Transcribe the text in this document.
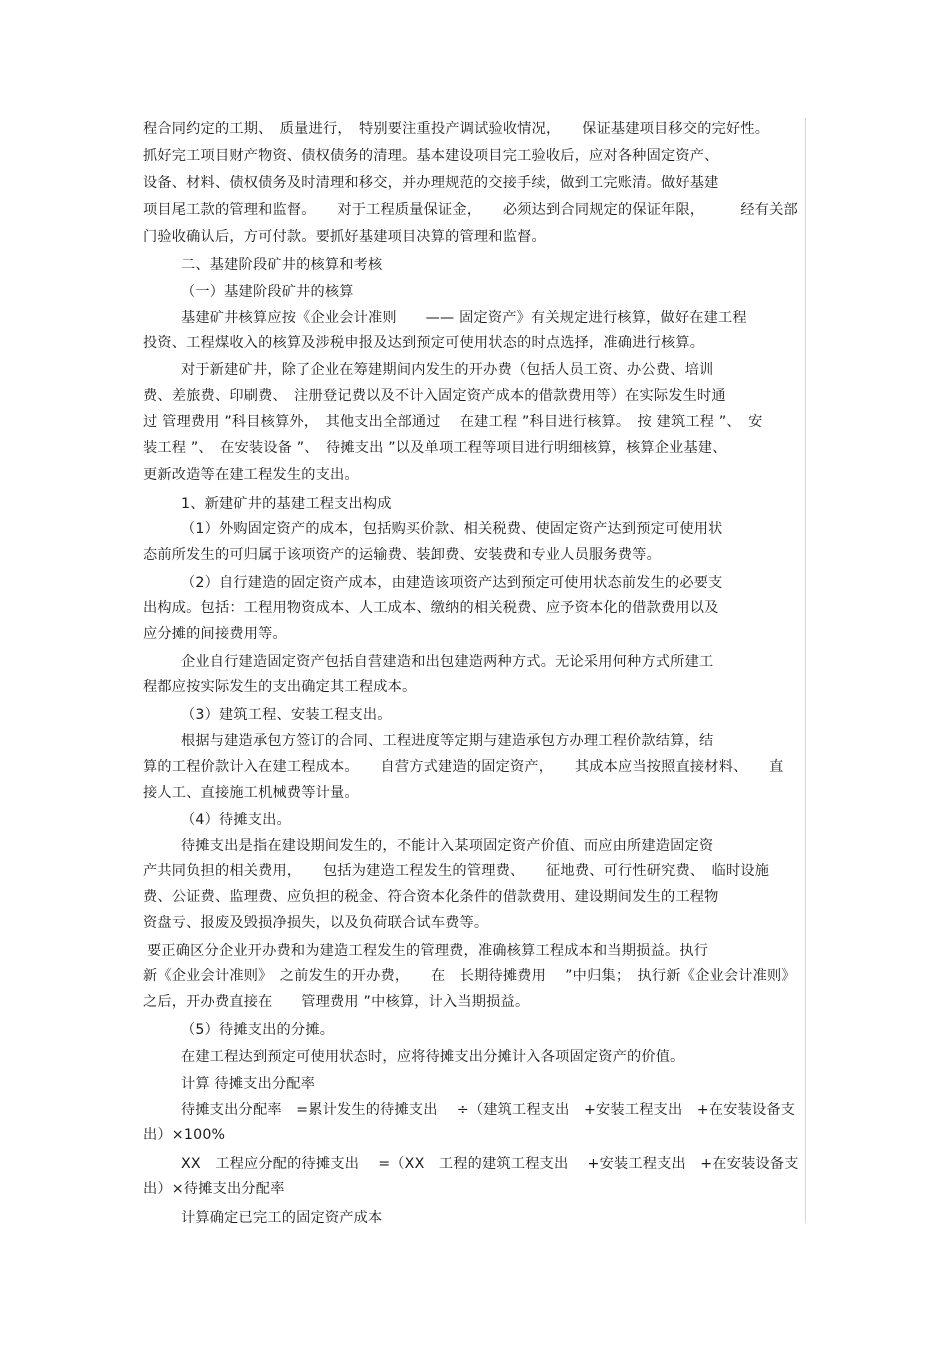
程合同约定的工期、　质量进行，　特别要注重投产调试验收情况，　　保证基建项目移交的完好性。

抓好完工项目财产物资、债权债务的清理。基本建设项目完工验收后，应对各种固定资产、

设备、材料、债权债务及时清理和移交，并办理规范的交接手续，做到工完账清。做好基建

项目尾工款的管理和监督。　　对于工程质量保证金，　　必须达到合同规定的保证年限，　　　经有关部

门验收确认后，方可付款。要抓好基建项目决算的管理和监督。

二、基建阶段矿井的核算和考核

（一）基建阶段矿井的核算

基建矿井核算应按《企业会计准则　　—— 固定资产》有关规定进行核算，做好在建工程

投资、工程煤收入的核算及涉税申报及达到预定可使用状态的时点选择，准确进行核算。

对于新建矿井，除了企业在筹建期间内发生的开办费（包括人员工资、办公费、培训

费、差旅费、印刷费、　注册登记费以及不计入固定资产成本的借款费用等）在实际发生时通

过 管理费用 ”科目核算外，　其他支出全部通过　 在建工程 ”科目进行核算。　按 建筑工程 ”、　安

装工程 ”、　在安装设备 ”、　待摊支出 ”以及单项工程等项目进行明细核算，核算企业基建、

更新改造等在建工程发生的支出。

1、新建矿井的基建工程支出构成

（1）外购固定资产的成本，包括购买价款、相关税费、使固定资产达到预定可使用状

态前所发生的可归属于该项资产的运输费、装卸费、安装费和专业人员服务费等。

（2）自行建造的固定资产成本，由建造该项资产达到预定可使用状态前发生的必要支

出构成。包括：工程用物资成本、人工成本、缴纳的相关税费、应予资本化的借款费用以及

应分摊的间接费用等。

企业自行建造固定资产包括自营建造和出包建造两种方式。无论采用何种方式所建工

程都应按实际发生的支出确定其工程成本。

（3）建筑工程、安装工程支出。

根据与建造承包方签订的合同、工程进度等定期与建造承包方办理工程价款结算，结

算的工程价款计入在建工程成本。　　自营方式建造的固定资产，　　其成本应当按照直接材料、　　直

接人工、直接施工机械费等计量。

（4）待摊支出。

待摊支出是指在建设期间发生的，不能计入某项固定资产价值、而应由所建造固定资

产共同负担的相关费用，　　包括为建造工程发生的管理费、　　征地费、可行性研究费、　临时设施

费、公证费、监理费、应负担的税金、符合资本化条件的借款费用、建设期间发生的工程物

资盘亏、报废及毁损净损失，以及负荷联合试车费等。

要正确区分企业开办费和为建造工程发生的管理费，准确核算工程成本和当期损益。执行

新《企业会计准则》　之前发生的开办费，　　在　长期待摊费用　 ”中归集；　执行新《企业会计准则》

之后，开办费直接在　　管理费用 ”中核算，计入当期损益。

（5）待摊支出的分摊。

在建工程达到预定可使用状态时，应将待摊支出分摊计入各项固定资产的价值。

计算 待摊支出分配率

待摊支出分配率　=累计发生的待摊支出　 ÷（建筑工程支出　+安装工程支出　+在安装设备支

出）×100%

XX　工程应分配的待摊支出　 =（XX　工程的建筑工程支出　 +安装工程支出　+在安装设备支

出）×待摊支出分配率

计算确定已完工的固定资产成本
